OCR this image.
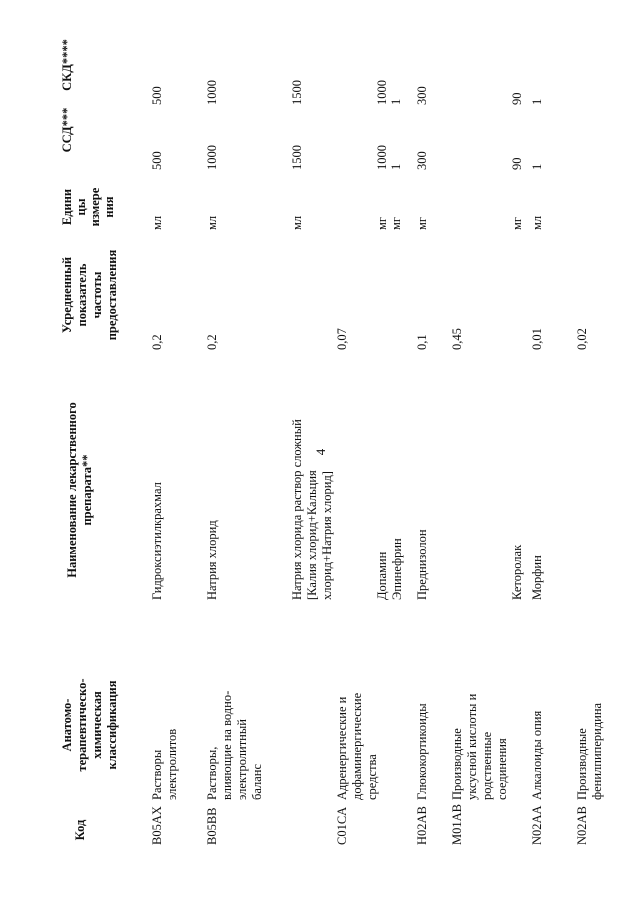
4
Код
Анатомо- терапевтическо- химическая классификация
Наименование лекарственного препарата**
Усредненный показатель частоты предоставления
Едини цы измере ния
ССД***
СКД****
B05AX
Растворы электролитов
Гидроксиэтилкрахмал
0,2
мл
500
500
B05BB
Растворы, влияющие на водно- электролитный баланс
Натрия хлорид
0,2
мл
1000
1000
Натрия хлорида раствор сложный [Калия хлорид+Кальция хлорид+Натрия хлорид]
мл
1500
1500
C01CA
Адренергические и дофаминергические средства
0,07
Допамин Эпинефрин
мг мг
1000 1
1000 1
H02AB
Глюкокортикоиды
Преднизолон
0,1
мг
300
300
M01AB
Производные уксусной кислоты и родственные соединения
0,45
Кеторолак
мг
90
90
N02AA
Алкалоиды опия
Морфин
0,01
мл
1
1
N02AB
Производные фенилпиперидина
0,02
